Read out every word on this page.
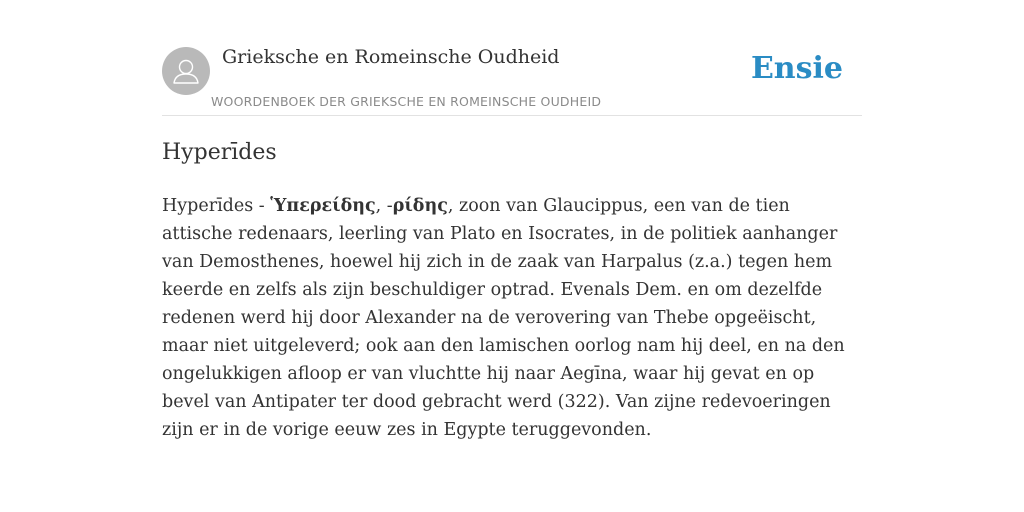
Grieksche en Romeinsche Oudheid
WOORDENBOEK DER GRIEKSCHE EN ROMEINSCHE OUDHEID
Ensie
Hyperīdes

Hyperīdes - Ὑπερείδης, -ρίδης, zoon van Glaucippus, een van de tien attische redenaars, leerling van Plato en Isocrates, in de politiek aanhanger van Demosthenes, hoewel hij zich in de zaak van Harpalus (z.a.) tegen hem keerde en zelfs als zijn beschuldiger optrad. Evenals Dem. en om dezelfde redenen werd hij door Alexander na de verovering van Thebe opgeëischt, maar niet uitgeleverd; ook aan den lamischen oorlog nam hij deel, en na den ongelukkigen afloop er van vluchtte hij naar Aegīna, waar hij gevat en op bevel van Antipater ter dood gebracht werd (322). Van zijne redevoeringen zijn er in de vorige eeuw zes in Egypte teruggevonden.
